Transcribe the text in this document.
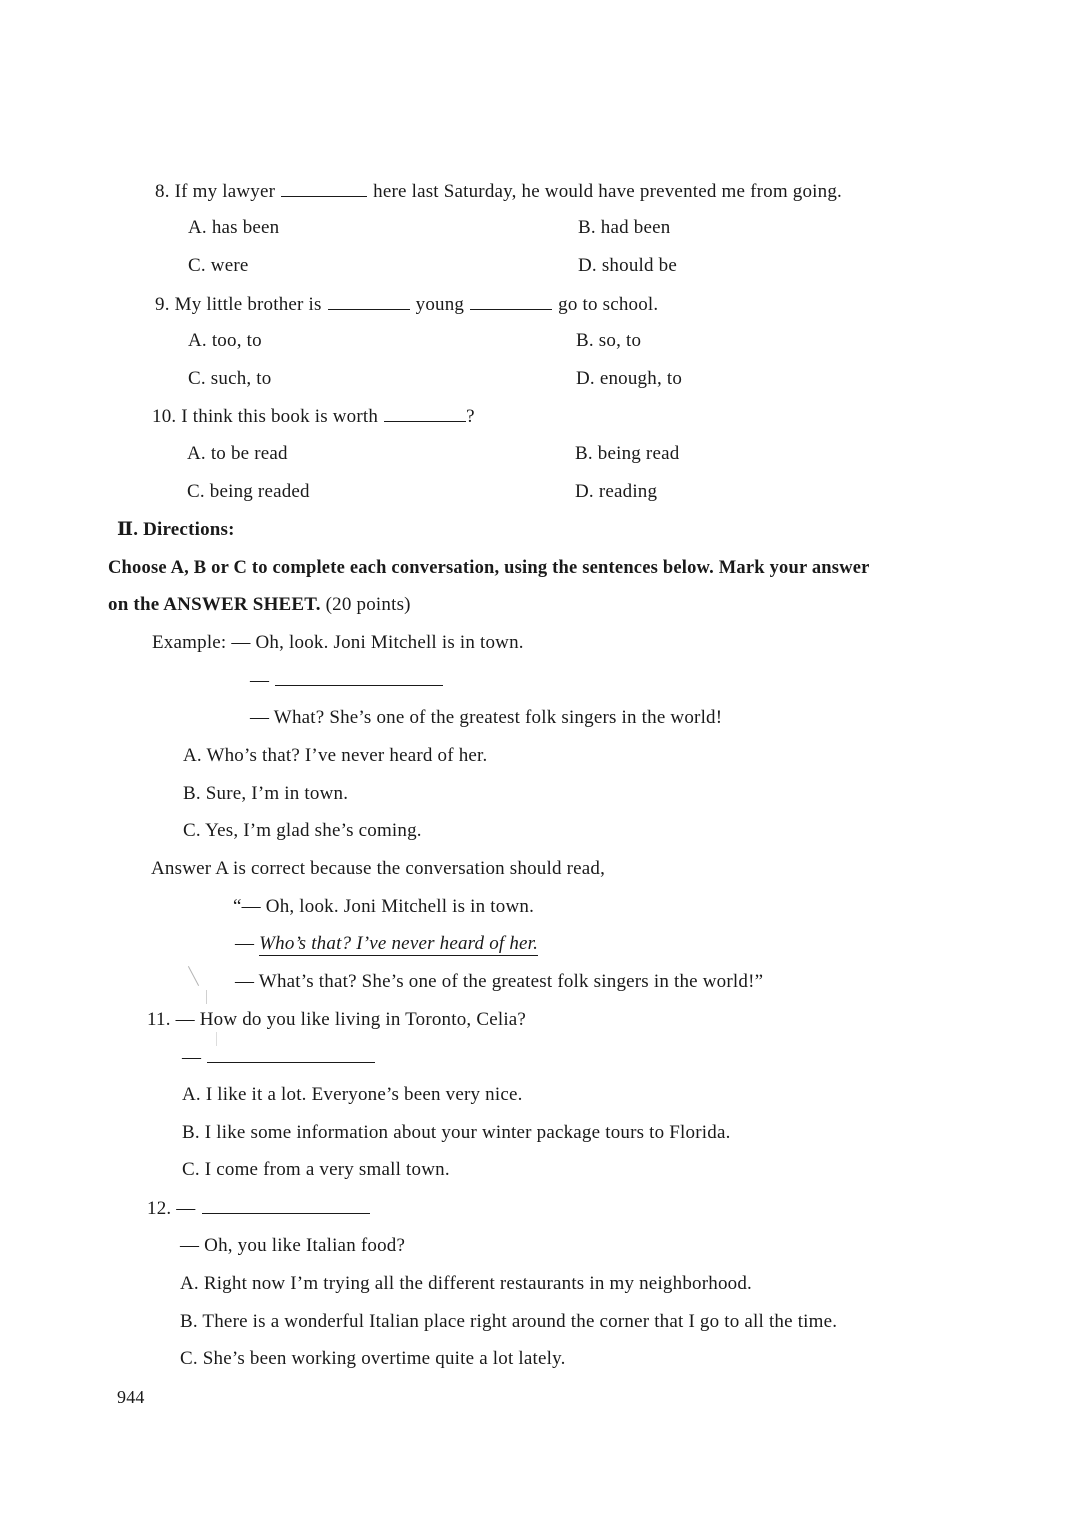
8. If my lawyer	here last Saturday, he would have prevented me from going.
A. has been	B. had been
C. were	D. should be
9. My little brother is	young	go to school.
A. too, to	B. so, to
C. such, to	D. enough, to
10. I think this book is worth	?
A. to be read	B. being read
C. being readed	D. reading
Ⅱ. Directions:
Choose A, B or C to complete each conversation, using the sentences below. Mark your answer
on the ANSWER SHEET. (20 points)
Example: — Oh, look. Joni Mitchell is in town.
—
— What? She’s one of the greatest folk singers in the world!
A. Who’s that? I’ve never heard of her.
B. Sure, I’m in town.
C. Yes, I’m glad she’s coming.
Answer A is correct because the conversation should read,
“— Oh, look. Joni Mitchell is in town.
— Who’s that? I’ve never heard of her.
— What’s that? She’s one of the greatest folk singers in the world!”
11. — How do you like living in Toronto, Celia?
—
A. I like it a lot. Everyone’s been very nice.
B. I like some information about your winter package tours to Florida.
C. I come from a very small town.
12. —
— Oh, you like Italian food?
A. Right now I’m trying all the different restaurants in my neighborhood.
B. There is a wonderful Italian place right around the corner that I go to all the time.
C. She’s been working overtime quite a lot lately.
944
